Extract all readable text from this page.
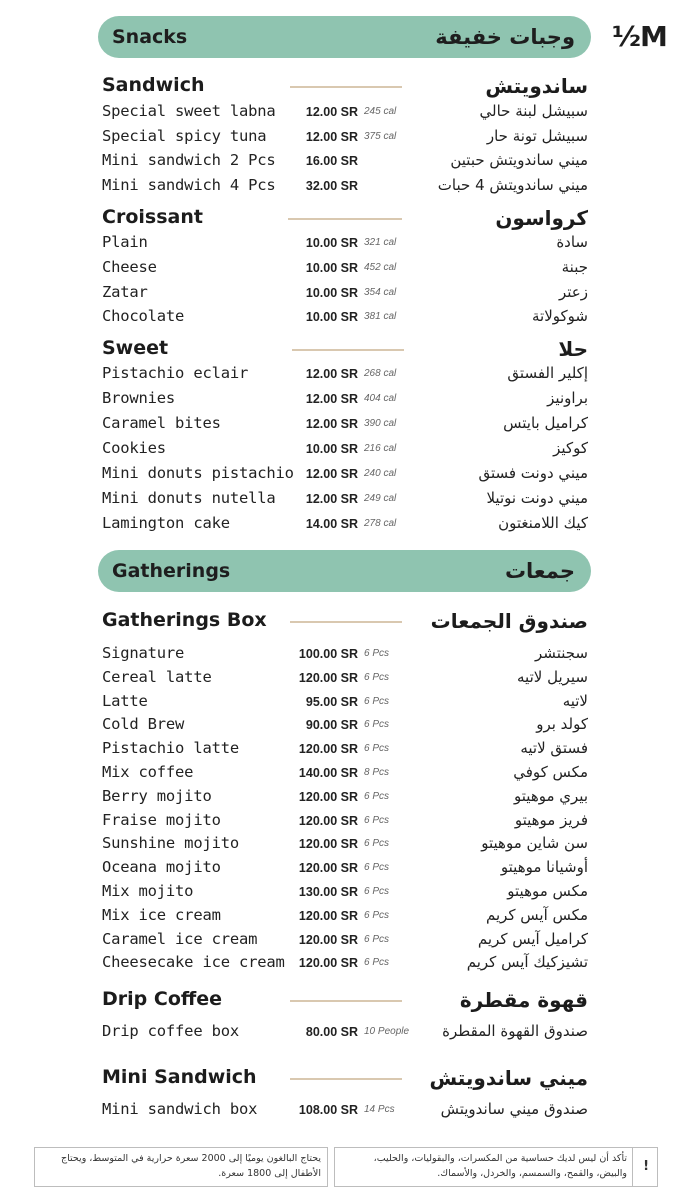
½M
Snacks	وجبات خفيفة
Gatherings	جمعات
Sandwich	ساندويتش
Special sweet labna 12.00 SR 245 cal	سبيشل لبنة حالي
Special spicy tuna	12.00 SR 375 cal	سبيشل تونة حار
Mini sandwich 2 Pcs 16.00 SR	ميني ساندويتش حبتين
Mini sandwich 4 Pcs 32.00 SR	ميني ساندويتش 4 حبات
Croissant	كرواسون
Plain	10.00 SR 321 cal	سادة
Cheese	10.00 SR 452 cal	جبنة
Zatar	10.00 SR 354 cal	زعتر
Chocolate	10.00 SR 381 cal	شوكولاتة
Sweet	حلا
Pistachio eclair	12.00 SR 268 cal	إكلير الفستق
Brownies	12.00 SR 404 cal	براونيز
Caramel bites	12.00 SR 390 cal	كراميل بايتس
Cookies	10.00 SR 216 cal	كوكيز
Mini donuts pistachio 12.00 SR 240 cal	ميني دونت فستق
Mini donuts nutella 12.00 SR 249 cal	ميني دونت نوتيلا
Lamington cake	14.00 SR 278 cal	كيك اللامنغتون
Gatherings Box	صندوق الجمعات
Signature	100.00 SR 6 Pcs	سجنتشر
Cereal latte	120.00 SR 6 Pcs	سيريل لاتيه
Latte	95.00 SR 6 Pcs	لاتيه
Cold Brew	90.00 SR 6 Pcs	كولد برو
Pistachio latte	120.00 SR 6 Pcs	فستق لاتيه
Mix coffee	140.00 SR 8 Pcs	مكس كوفي
Berry mojito	120.00 SR 6 Pcs	بيري موهيتو
Fraise mojito	120.00 SR 6 Pcs	فريز موهيتو
Sunshine mojito	120.00 SR 6 Pcs	سن شاين موهيتو
Oceana mojito	120.00 SR 6 Pcs	أوشيانا موهيتو
Mix mojito	130.00 SR 6 Pcs	مكس موهيتو
Mix ice cream	120.00 SR 6 Pcs	مكس آيس كريم
Caramel ice cream	120.00 SR 6 Pcs	كراميل آيس كريم
Cheesecake ice cream 120.00 SR 6 Pcs	تشيزكيك آيس كريم
Drip Coffee	قهوة مقطرة
Drip coffee box	80.00 SR 10 People صندوق القهوة المقطرة
Mini Sandwich	ميني ساندويتش
Mini sandwich box	108.00 SR 14 Pcs	صندوق ميني ساندويتش
يحتاج البالغون يوميًا إلى 2000 سعرة حرارية في المتوسط، ويحتاج الأطفال إلى 1800 سعرة.	!
تأكد أن ليس لديك حساسية من المكسرات، والبقوليات، والحليب، والبيض، والقمح، والسمسم، والخردل، والأسماك.
